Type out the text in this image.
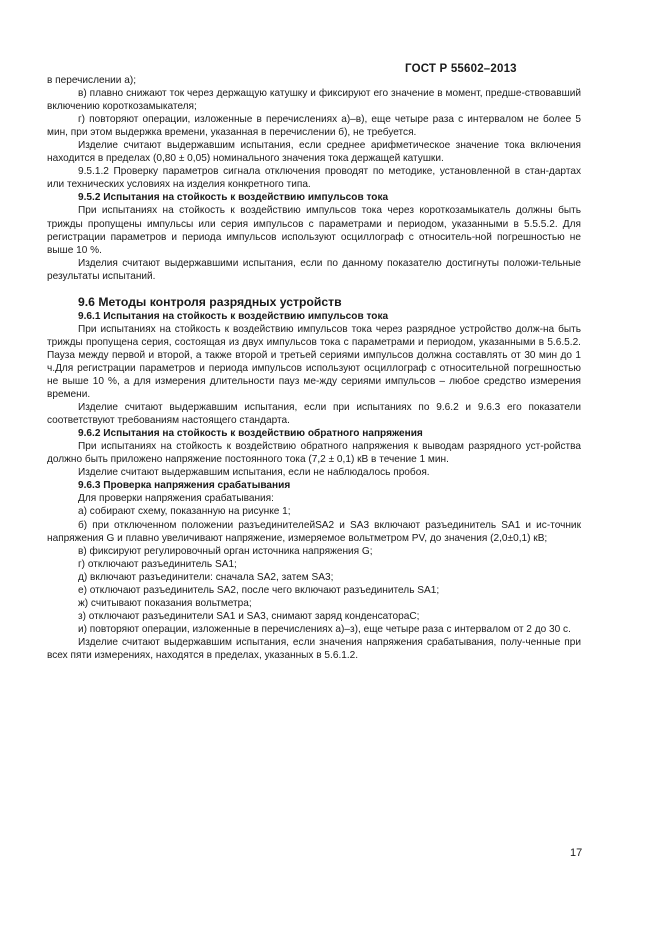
ГОСТ Р 55602–2013

в перечислении а);

в) плавно снижают ток через держащую катушку и фиксируют его значение в момент, предше-ствовавший включению короткозамыкателя;

г) повторяют операции, изложенные в перечислениях а)–в), еще четыре раза с интервалом не более 5 мин, при этом выдержка времени, указанная в перечислении б), не требуется.

Изделие считают выдержавшим испытания, если среднее арифметическое значение тока включения находится в пределах (0,80 ± 0,05) номинального значения тока держащей катушки.

9.5.1.2 Проверку параметров сигнала отключения проводят по методике, установленной в стан-дартах или технических условиях на изделия конкретного типа.

9.5.2 Испытания на стойкость к воздействию импульсов тока

При испытаниях на стойкость к воздействию импульсов тока через короткозамыкатель должны быть трижды пропущены импульсы или серия импульсов с параметрами и периодом, указанными в 5.5.5.2. Для регистрации параметров и периода импульсов используют осциллограф с относитель-ной погрешностью не выше 10 %.

Изделия считают выдержавшими испытания, если по данному показателю достигнуты положи-тельные результаты испытаний.

9.6 Методы контроля разрядных устройств

9.6.1 Испытания на стойкость к воздействию импульсов тока

При испытаниях на стойкость к воздействию импульсов тока через разрядное устройство долж-на быть трижды пропущена серия, состоящая из двух импульсов тока с параметрами и периодом, указанными в 5.6.5.2. Пауза между первой и второй, а также второй и третьей сериями импульсов должна составлять от 30 мин до 1 ч.Для регистрации параметров и периода импульсов используют осциллограф с относительной погрешностью не выше 10 %, а для измерения длительности пауз ме-жду сериями импульсов – любое средство измерения времени.

Изделие считают выдержавшим испытания, если при испытаниях по 9.6.2 и 9.6.3 его показатели соответствуют требованиям настоящего стандарта.

9.6.2 Испытания на стойкость к воздействию обратного напряжения

При испытаниях на стойкость к воздействию обратного напряжения к выводам разрядного уст-ройства должно быть приложено напряжение постоянного тока (7,2 ± 0,1) кВ в течение 1 мин.

Изделие считают выдержавшим испытания, если не наблюдалось пробоя.

9.6.3 Проверка напряжения срабатывания

Для проверки напряжения срабатывания:

а) собирают схему, показанную на рисунке 1;

б) при отключенном положении разъединителейSA2 и SA3 включают разъединитель SA1 и ис-точник напряжения G и плавно увеличивают напряжение, измеряемое вольтметром PV, до значения (2,0±0,1) кВ;

в) фиксируют регулировочный орган источника напряжения G;

г) отключают разъединитель SA1;

д) включают разъединители: сначала SA2, затем SA3;

е) отключают разъединитель SA2, после чего включают разъединитель SA1;

ж) считывают показания вольтметра;

з) отключают разъединители SA1 и SA3, снимают заряд конденсатораC;

и) повторяют операции, изложенные в перечислениях а)–з), еще четыре раза с интервалом от 2 до 30 с.

Изделие считают выдержавшим испытания, если значения напряжения срабатывания, полу-ченные при всех пяти измерениях, находятся в пределах, указанных в 5.6.1.2.

17
